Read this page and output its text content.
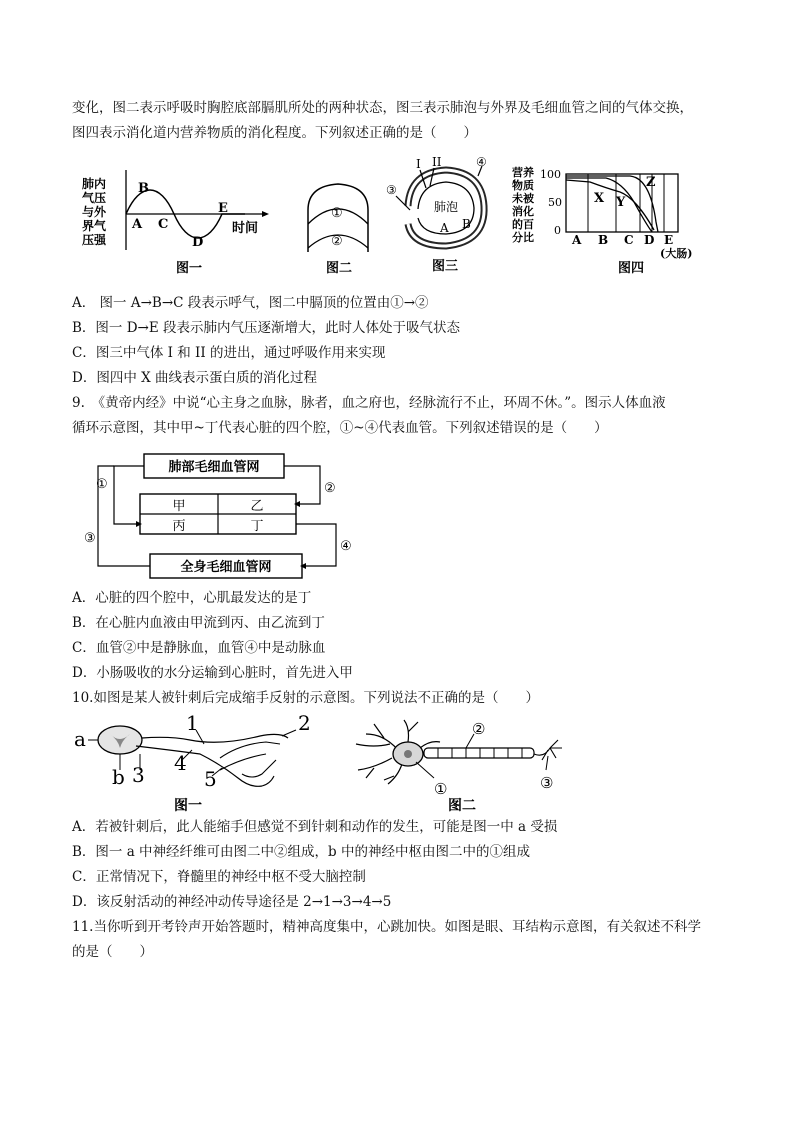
变化，图二表示呼吸时胸腔底部膈肌所处的两种状态，图三表示肺泡与外界及毛细血管之间的气体交换，
图四表示消化道内营养物质的消化程度。下列叙述正确的是（　　）
肺内
气压
与外
界气
压强
B
A C
D
E
时间
图一
①
②
图二
I II	④
③
肺泡
A B
图三
营养
物质
未被
消化
的百
分比
100
50
0
X Y
Z
A B C D E
(大肠)
图四
A． 图一 A→B→C 段表示呼气，图二中膈顶的位置由①→②
B．图一 D→E 段表示肺内气压逐渐增大，此时人体处于吸气状态
C．图三中气体 I 和 II 的进出，通过呼吸作用来实现
D．图四中 X 曲线表示蛋白质的消化过程
9.　《黄帝内经》中说“心主身之血脉，脉者，血之府也，经脉流行不止，环周不休。”。图示人体血液
循环示意图，其中甲~丁代表心脏的四个腔，①~④代表血管。下列叙述错误的是（　　）
肺部毛细血管网
甲	乙
丙	丁
全身毛细血管网
①	②
③
④
A．心脏的四个腔中，心肌最发达的是丁
B．在心脏内血液由甲流到丙、由乙流到丁
C．血管②中是静脉血，血管④中是动脉血
D．小肠吸收的水分运输到心脏时，首先进入甲
10.如图是某人被针刺后完成缩手反射的示意图。下列说法不正确的是（　　）
a
1	2
b 3 4
5
图一
②
①	③
图二
A．若被针刺后，此人能缩手但感觉不到针刺和动作的发生，可能是图一中 a 受损
B．图一 a 中神经纤维可由图二中②组成，b 中的神经中枢由图二中的①组成
C．正常情况下，脊髓里的神经中枢不受大脑控制
D．该反射活动的神经冲动传导途径是 2→1→3→4→5
11.当你听到开考铃声开始答题时，精神高度集中，心跳加快。如图是眼、耳结构示意图，有关叙述不科学
的是（　　）
